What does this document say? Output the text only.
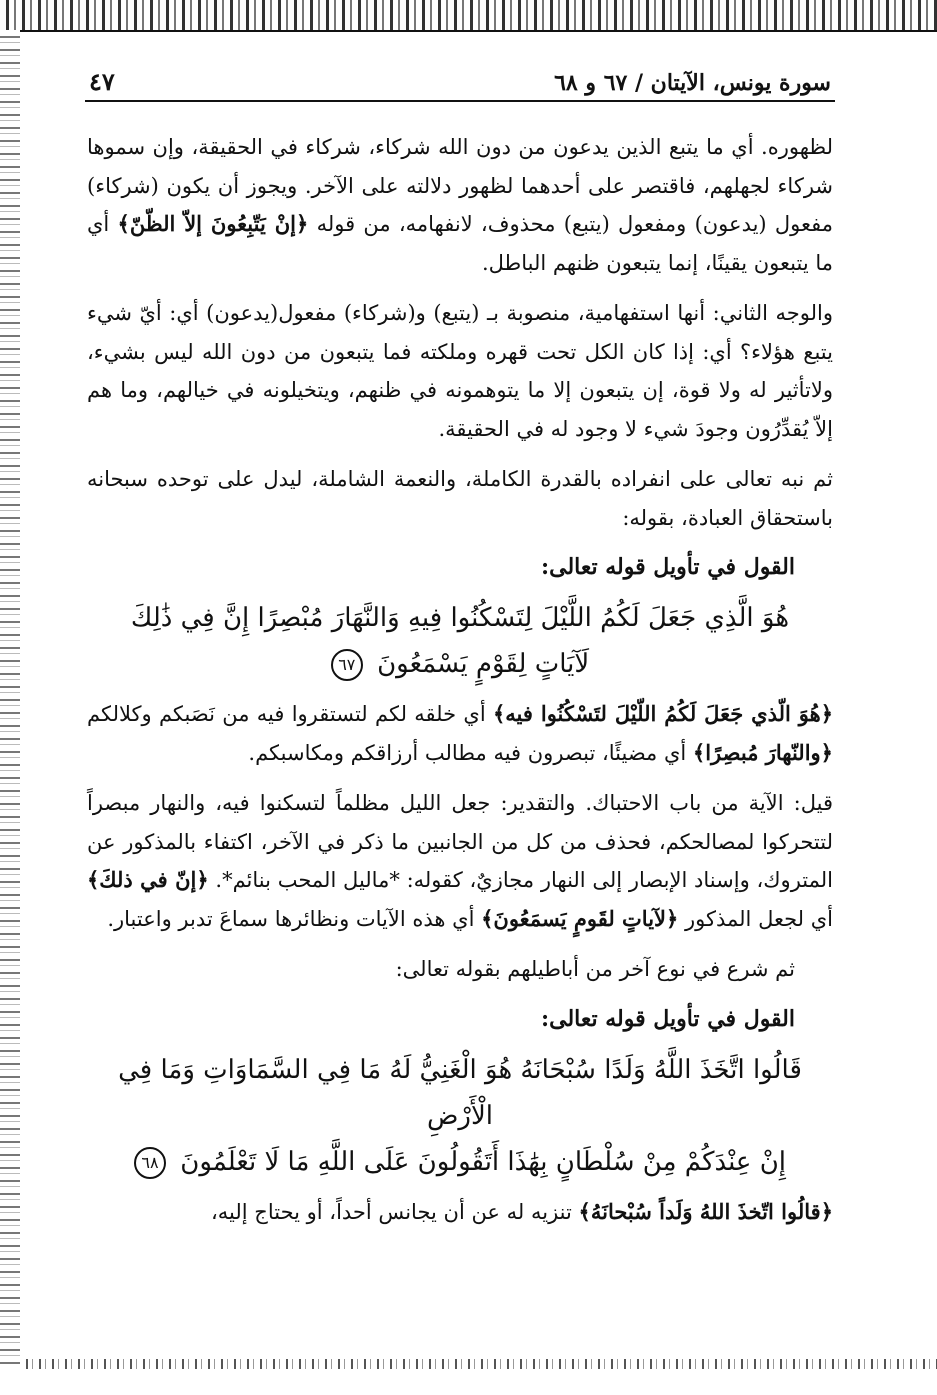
سورة يونس، الآيتان / ٦٧ و ٦٨
٤٧

لظهوره. أي ما يتبع الذين يدعون من دون الله شركاء، شركاء في الحقيقة، وإن سموها شركاء لجهلهم، فاقتصر على أحدهما لظهور دلالته على الآخر. ويجوز أن يكون (شركاء) مفعول (يدعون) ومفعول (يتبع) محذوف، لانفهامه، من قوله ﴿إنْ يَتّبِعُونَ إلاّ الظّنّ﴾ أي ما يتبعون يقينًا، إنما يتبعون ظنهم الباطل.

والوجه الثاني: أنها استفهامية، منصوبة بـ (يتبع) و(شركاء) مفعول(يدعون) أي: أيّ شيء يتبع هؤلاء؟ أي: إذا كان الكل تحت قهره وملكته فما يتبعون من دون الله ليس بشيء، ولاتأثير له ولا قوة، إن يتبعون إلا ما يتوهمونه في ظنهم، ويتخيلونه في خيالهم، وما هم إلاّ يُقدِّرُون وجودَ شيء لا وجود له في الحقيقة.

ثم نبه تعالى على انفراده بالقدرة الكاملة، والنعمة الشاملة، ليدل على توحده سبحانه باستحقاق العبادة، بقوله:

القول في تأويل قوله تعالى:
هُوَ الَّذِي جَعَلَ لَكُمُ اللَّيْلَ لِتَسْكُنُوا فِيهِ وَالنَّهَارَ مُبْصِرًا إِنَّ فِي ذَٰلِكَ
لَآيَاتٍ لِقَوْمٍ يَسْمَعُونَ ٦٧

﴿هُوَ الّذي جَعَلَ لَكُمُ اللّيْلَ لتَسْكُنُوا فيه﴾ أي خلقه لكم لتستقروا فيه من نَصَبكم وكلالكم ﴿والنّهارَ مُبصِرًا﴾ أي مضيئًا، تبصرون فيه مطالب أرزاقكم ومكاسبكم.

قيل: الآية من باب الاحتباك. والتقدير: جعل الليل مظلماً لتسكنوا فيه، والنهار مبصراً لتتحركوا لمصالحكم، فحذف من كل من الجانبين ما ذكر في الآخر، اكتفاء بالمذكور عن المتروك، وإسناد الإبصار إلى النهار مجازيٌ، كقوله: *ماليل المحب بنائم*. ﴿إنّ في ذلكَ﴾ أي لجعل المذكور ﴿لآياتٍ لقَومٍ يَسمَعُونَ﴾ أي هذه الآيات ونظائرها سماعَ تدبر واعتبار.

ثم شرع في نوع آخر من أباطيلهم بقوله تعالى:

القول في تأويل قوله تعالى:
قَالُوا اتَّخَذَ اللَّهُ وَلَدًا سُبْحَانَهُ هُوَ الْغَنِيُّ لَهُ مَا فِي السَّمَاوَاتِ وَمَا فِي الْأَرْضِ
إِنْ عِنْدَكُمْ مِنْ سُلْطَانٍ بِهَٰذَا أَتَقُولُونَ عَلَى اللَّهِ مَا لَا تَعْلَمُونَ ٦٨

﴿قالُوا اتّخذَ اللهُ وَلَداً سُبْحانَهُ﴾ تنزيه له عن أن يجانس أحداً، أو يحتاج إليه،
